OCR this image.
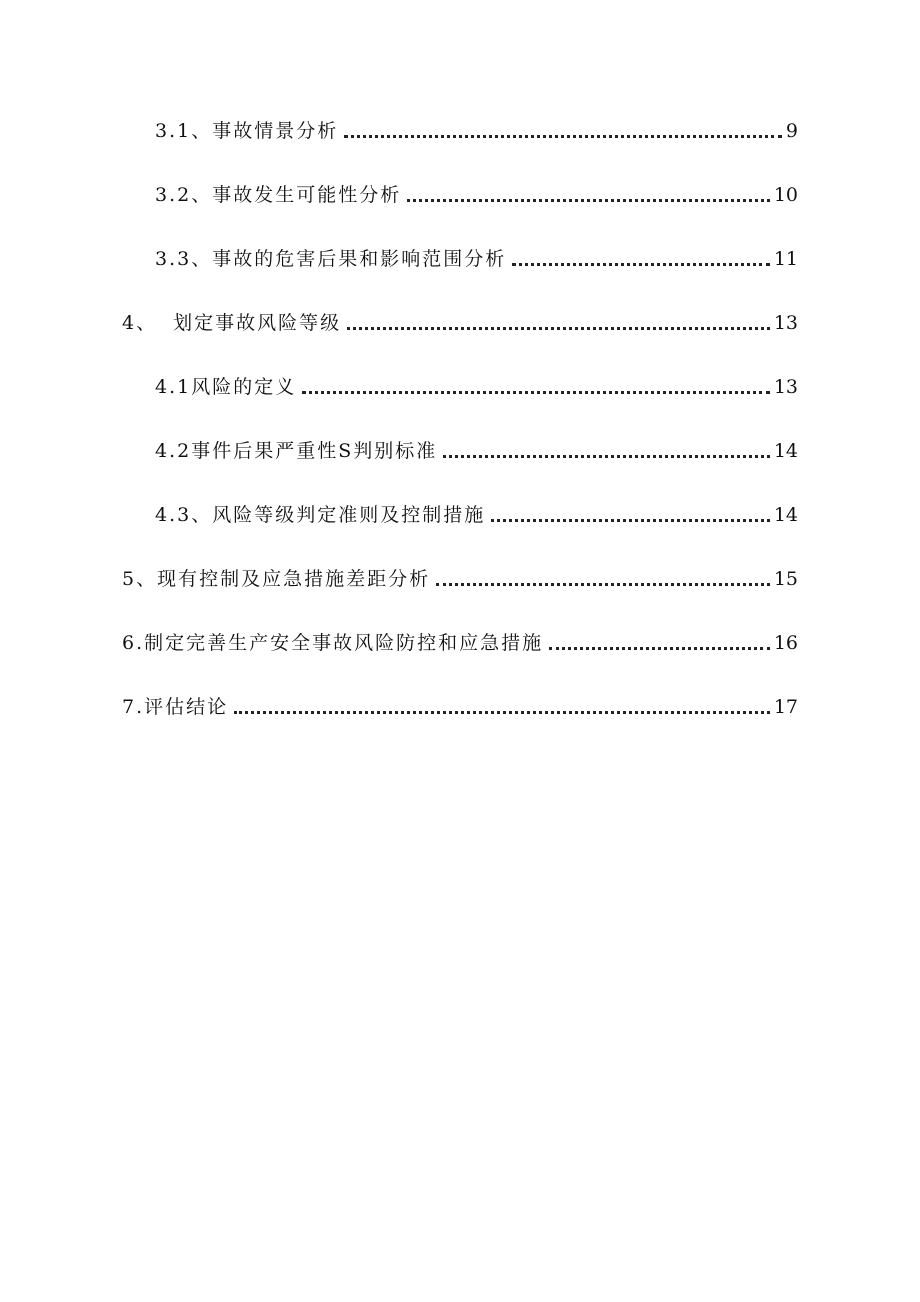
3.1、事故情景分析	9
3.2、事故发生可能性分析	10
3.3、事故的危害后果和影响范围分析	11
4、  划定事故风险等级	13
4.1风险的定义	13
4.2事件后果严重性S判别标准	14
4.3、风险等级判定准则及控制措施	14
5、现有控制及应急措施差距分析	15
6.制定完善生产安全事故风险防控和应急措施	16
7.评估结论	17
